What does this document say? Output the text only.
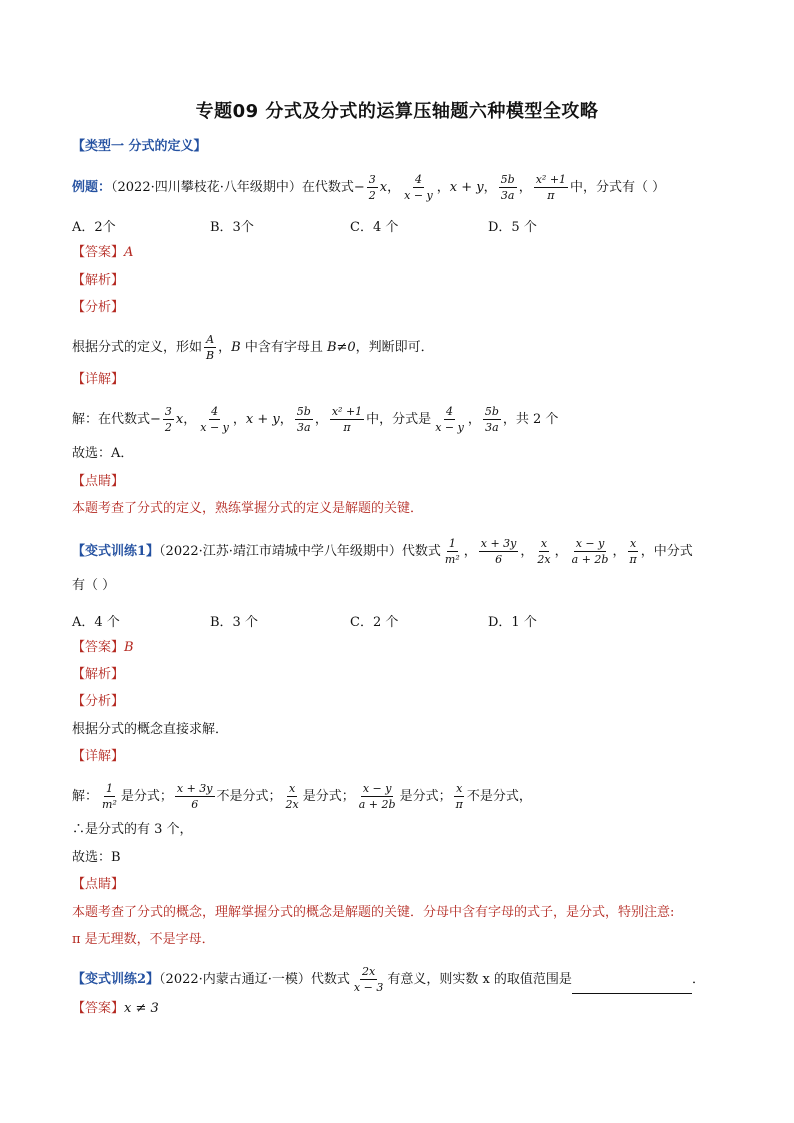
专题09 分式及分式的运算压轴题六种模型全攻略
【类型一 分式的定义】
例题：（2022·四川攀枝花·八年级期中）在代数式− $\frac{3}{2}$ x， $\frac{4}{x - y}$ ，x + y， $\frac{5b}{3a}$ ， $\frac{\text{x² +1}}{\pi}$ 中，分式有（ ）
A．2个	B．3个	C．4 个	D．5 个
【答案】A
【解析】
【分析】
根据分式的定义，形如 $\frac{A}{B}$ ，B 中含有字母且 B≠0，判断即可．
【详解】
解：在代数式− $\frac{3}{2}$ x， $\frac{4}{x - y}$ ，x + y， $\frac{5b}{3a}$ ， $\frac{\text{x² +1}}{\pi}$ 中，分式是 $\frac{4}{x - y}$ ， $\frac{5b}{3a}$ ，共 2 个
故选：A．
【点睛】
本题考查了分式的定义，熟练掌握分式的定义是解题的关键．
【变式训练1】（2022·江苏·靖江市靖城中学八年级期中）代数式 $\frac{1}{\text{m²}}$ ， $\frac{x + 3y}{6}$ ， $\frac{x}{2x}$ ， $\frac{x - y}{a + 2b}$ ， $\frac{x}{\pi}$ ，中分式
有（ ）
A．4 个	B．3 个	C．2 个	D．1 个
【答案】B
【解析】
【分析】
根据分式的概念直接求解．
【详解】
解： $\frac{1}{\text{m²}}$ 是分式； $\frac{x + 3y}{6}$ 不是分式； $\frac{x}{2x}$ 是分式； $\frac{x - y}{a + 2b}$ 是分式； $\frac{x}{\pi}$ 不是分式，
∴是分式的有 3 个，
故选：B
【点睛】
本题考查了分式的概念，理解掌握分式的概念是解题的关键．分母中含有字母的式子，是分式，特别注意:
π 是无理数，不是字母．
【变式训练2】（2022·内蒙古通辽·一模）代数式 $\frac{2x}{x - 3}$ 有意义，则实数 x 的取值范围是	．
【答案】x ≠ 3
